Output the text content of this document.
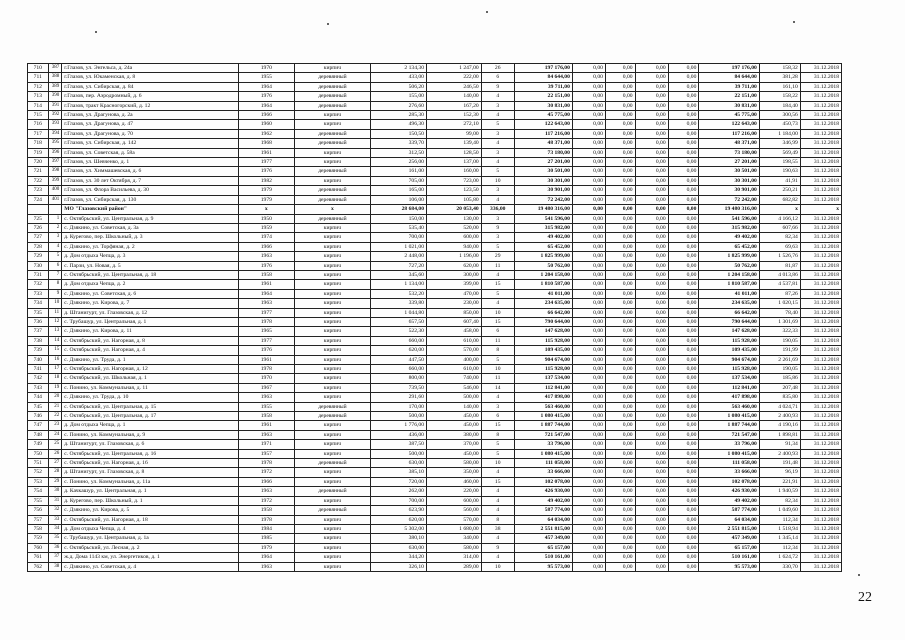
710	387	г.Глазов, ул. Энгельса, д. 24а	1970	кирпич	2 134,30	1 247,00	26	197 176,00	0,00	0,00	0,00	0,00	197 176,00	158,32	31.12.2018
711	388	г.Глазов, ул. Юкаменская, д. 8	1955	деревянный	433,00	222,00	6	84 644,00	0,00	0,00	0,00	0,00	84 644,00	381,28	31.12.2018
712	389	г.Глазов, ул. Сибирская, д. 84	1964	деревянный	506,20	246,50	9	39 711,00	0,00	0,00	0,00	0,00	39 711,00	161,10	31.12.2018
713	390	г.Глазов, пер. Аэродромный, д. 6	1976	деревянный	155,00	140,00	4	22 151,00	0,00	0,00	0,00	0,00	22 151,00	158,22	31.12.2018
714	391	г.Глазов, тракт Красногорский, д. 12	1964	деревянный	276,60	167,20	3	30 831,00	0,00	0,00	0,00	0,00	30 831,00	184,40	31.12.2018
715	392	г.Глазов, ул. Драгунова, д. 2а	1966	кирпич	285,30	152,30	4	45 775,00	0,00	0,00	0,00	0,00	45 775,00	300,56	31.12.2018
716	393	г.Глазов, ул. Драгунова, д. 47	1960	кирпич	496,30	272,10	5	122 643,00	0,00	0,00	0,00	0,00	122 643,00	450,73	31.12.2018
717	394	г.Глазов, ул. Драгунова, д. 70	1962	деревянный	150,50	99,00	3	117 216,00	0,00	0,00	0,00	0,00	117 216,00	1 184,00	31.12.2018
718	395	г.Глазов, ул. Сибирская, д. 142	1968	деревянный	339,70	139,40	4	48 371,00	0,00	0,00	0,00	0,00	48 371,00	346,99	31.12.2018
719	396	г.Глазов, ул. Советская, д. 58а	1961	кирпич	312,50	128,50	3	73 180,00	0,00	0,00	0,00	0,00	73 180,00	569,49	31.12.2018
720	397	г.Глазов, ул. Шевченко, д. 1	1977	кирпич	256,00	137,00	4	27 201,00	0,00	0,00	0,00	0,00	27 201,00	198,55	31.12.2018
721	398	г.Глазов, ул. Химмашевская, д. 6	1976	деревянный	161,00	160,00	5	30 501,00	0,00	0,00	0,00	0,00	30 501,00	190,63	31.12.2018
722	399	г.Глазов, ул. 30 лет Октября, д. 7	1982	кирпич	705,00	723,00	10	30 301,00	0,00	0,00	0,00	0,00	30 301,00	41,91	31.12.2018
723	400	г.Глазов, ул. Флора Васильева, д. 30	1979	деревянный	165,00	123,50	3	30 901,00	0,00	0,00	0,00	0,00	30 901,00	250,21	31.12.2018
724	401	г.Глазов, ул. Сибирская, д. 130	1979	деревянный	106,00	105,80	4	72 242,00	0,00	0,00	0,00	0,00	72 242,00	682,82	31.12.2018
		МО "Глазовский район"	х	х	28 684,00	20 053,40	336,00	19 480 316,00	0,00	0,00	0,00	0,00	19 480 316,00	х	х
725	1	с. Октябрьский, ул. Центральная, д. 9	1950	деревянный	150,00	130,00	3	541 596,00	0,00	0,00	0,00	0,00	541 596,00	4 166,12	31.12.2018
726	2	с. Дзякино, ул. Советская, д. 3а	1959	кирпич	535,40	520,00	9	315 982,00	0,00	0,00	0,00	0,00	315 982,00	607,66	31.12.2018
727	3	д. Курегово, пер. Школьный, д. 3	1974	кирпич	700,00	600,00	3	49 402,00	0,00	0,00	0,00	0,00	49 402,00	82,34	31.12.2018
728	4	с. Дзякино, ул. Торфяная, д. 2	1966	кирпич	1 021,00	940,00	5	65 452,00	0,00	0,00	0,00	0,00	65 452,00	69,63	31.12.2018
729	5	д. Дом отдыха Чепца, д. 3	1963	кирпич	2 448,00	1 196,00	29	1 825 999,00	0,00	0,00	0,00	0,00	1 825 999,00	1 526,76	31.12.2018
730	6	с. Парзи, ул. Новая, д. 5	1976	кирпич	727,20	620,00	11	50 762,00	0,00	0,00	0,00	0,00	50 762,00	81,87	31.12.2018
731	7	с. Октябрьский, ул. Центральная, д. 18	1958	кирпич	345,60	300,00	4	1 204 158,00	0,00	0,00	0,00	0,00	1 204 158,00	4 013,86	31.12.2018
732	8	д. Дом отдыха Чепца, д. 2	1961	кирпич	1 134,00	399,00	15	1 810 587,00	0,00	0,00	0,00	0,00	1 810 587,00	4 537,81	31.12.2018
733	9	с. Дзякино, ул. Советская, д. 6	1964	кирпич	532,20	470,00	5	41 011,00	0,00	0,00	0,00	0,00	41 011,00	87,26	31.12.2018
734	10	с. Дзякино, ул. Кирова, д. 7	1963	кирпич	339,80	230,00	4	234 635,00	0,00	0,00	0,00	0,00	234 635,00	1 020,15	31.12.2018
735	11	д. Штанигурт, ул. Глазовская, д. 12	1977	кирпич	1 044,80	850,00	10	66 642,00	0,00	0,00	0,00	0,00	66 642,00	78,40	31.12.2018
736	12	с. Трубашур, ул. Центральная, д. 1	1978	кирпич	657,50	607,40	15	790 644,00	0,00	0,00	0,00	0,00	790 644,00	1 301,69	31.12.2018
737	13	с. Дзякино, ул. Кирова, д. 11	1965	кирпич	522,30	458,00	6	147 628,00	0,00	0,00	0,00	0,00	147 628,00	322,33	31.12.2018
738	14	с. Октябрьский, ул. Нагорная, д. 8	1977	кирпич	660,00	610,00	11	115 928,00	0,00	0,00	0,00	0,00	115 928,00	190,05	31.12.2018
739	15	с. Октябрьский, ул. Нагорная, д. 4	1976	кирпич	620,00	570,00	8	109 435,00	0,00	0,00	0,00	0,00	109 435,00	191,99	31.12.2018
740	16	с. Дзякино, ул. Труда, д. 1	1961	кирпич	447,50	400,00	5	904 674,00	0,00	0,00	0,00	0,00	904 674,00	2 261,69	31.12.2018
741	17	с. Октябрьский, ул. Нагорная, д. 12	1978	кирпич	660,00	610,00	10	115 928,00	0,00	0,00	0,00	0,00	115 928,00	190,05	31.12.2018
742	18	с. Октябрьский, ул. Школьная, д. 1	1970	кирпич	800,00	740,00	11	137 534,00	0,00	0,00	0,00	0,00	137 534,00	185,86	31.12.2018
743	19	с. Понино, ул. Коммунальная, д. 11	1967	кирпич	739,50	546,00	14	112 841,00	0,00	0,00	0,00	0,00	112 841,00	207,48	31.12.2018
744	20	с. Дзякино, ул. Труда, д. 10	1963	кирпич	291,60	500,00	4	417 898,00	0,00	0,00	0,00	0,00	417 898,00	835,80	31.12.2018
745	21	с. Октябрьский, ул. Центральная, д. 15	1955	деревянный	170,00	140,00	3	563 460,00	0,00	0,00	0,00	0,00	563 460,00	4 024,71	31.12.2018
746	22	с. Октябрьский, ул. Центральная, д. 17	1958	деревянный	500,00	450,00	6	1 080 415,00	0,00	0,00	0,00	0,00	1 080 415,00	2 400,93	31.12.2018
747	23	д. Дом отдыха Чепца, д. 1	1961	кирпич	1 776,00	450,00	15	1 887 744,00	0,00	0,00	0,00	0,00	1 887 744,00	4 190,16	31.12.2018
748	24	с. Понино, ул. Коммунальная, д. 9	1963	кирпич	436,00	380,00	8	721 547,00	0,00	0,00	0,00	0,00	721 547,00	1 898,81	31.12.2018
749	25	д. Штанигурт, ул. Глазовская, д. 6	1971	кирпич	387,50	370,00	5	33 796,00	0,00	0,00	0,00	0,00	33 796,00	91,34	31.12.2018
750	26	с. Октябрьский, ул. Центральная, д. 16	1957	кирпич	500,00	450,00	5	1 080 415,00	0,00	0,00	0,00	0,00	1 080 415,00	2 400,93	31.12.2018
751	27	с. Октябрьский, ул. Нагорная, д. 16	1978	деревянный	630,00	580,00	10	111 058,00	0,00	0,00	0,00	0,00	111 058,00	191,48	31.12.2018
752	28	д. Штанигурт, ул. Глазовская, д. 8	1972	кирпич	385,10	350,00	4	33 666,00	0,00	0,00	0,00	0,00	33 666,00	96,19	31.12.2018
753	29	с. Понино, ул. Коммунальная, д. 11а	1966	кирпич	720,00	460,00	15	102 078,00	0,00	0,00	0,00	0,00	102 078,00	221,91	31.12.2018
754	30	д. Качкашур, ул. Центральная, д. 1	1963	деревянный	262,00	220,00	4	426 930,00	0,00	0,00	0,00	0,00	426 930,00	1 940,59	31.12.2018
755	31	д. Курегово, пер. Школьный, д. 1	1972	кирпич	700,00	600,00	4	49 402,00	0,00	0,00	0,00	0,00	49 402,00	82,34	31.12.2018
756	32	с. Дзякино, ул. Кирова, д. 5	1958	деревянный	623,90	560,00	4	587 774,00	0,00	0,00	0,00	0,00	587 774,00	1 049,60	31.12.2018
757	33	с. Октябрьский, ул. Нагорная, д. 18	1978	кирпич	620,00	570,00	8	64 034,00	0,00	0,00	0,00	0,00	64 034,00	112,34	31.12.2018
758	34	д. Дом отдыха Чепца, д. 4	1984	кирпич	5 302,00	1 680,00	38	2 551 815,00	0,00	0,00	0,00	0,00	2 551 815,00	1 518,94	31.12.2018
759	35	с. Трубашур, ул. Центральная, д. 1а	1985	кирпич	380,10	340,00	4	457 349,00	0,00	0,00	0,00	0,00	457 349,00	1 345,14	31.12.2018
760	36	с. Октябрьский, ул. Лесная, д. 2	1979	кирпич	630,00	580,00	9	65 157,00	0,00	0,00	0,00	0,00	65 157,00	112,34	31.12.2018
761	37	ж.д. Дома 1143 км, ул. Энергетиков, д. 1	1964	кирпич	344,20	314,00	4	510 161,00	0,00	0,00	0,00	0,00	510 161,00	1 624,72	31.12.2018
762	38	с. Дзякино, ул. Советская, д. 4	1963	кирпич	326,10	289,00	10	95 573,00	0,00	0,00	0,00	0,00	95 573,00	330,70	31.12.2018
22
